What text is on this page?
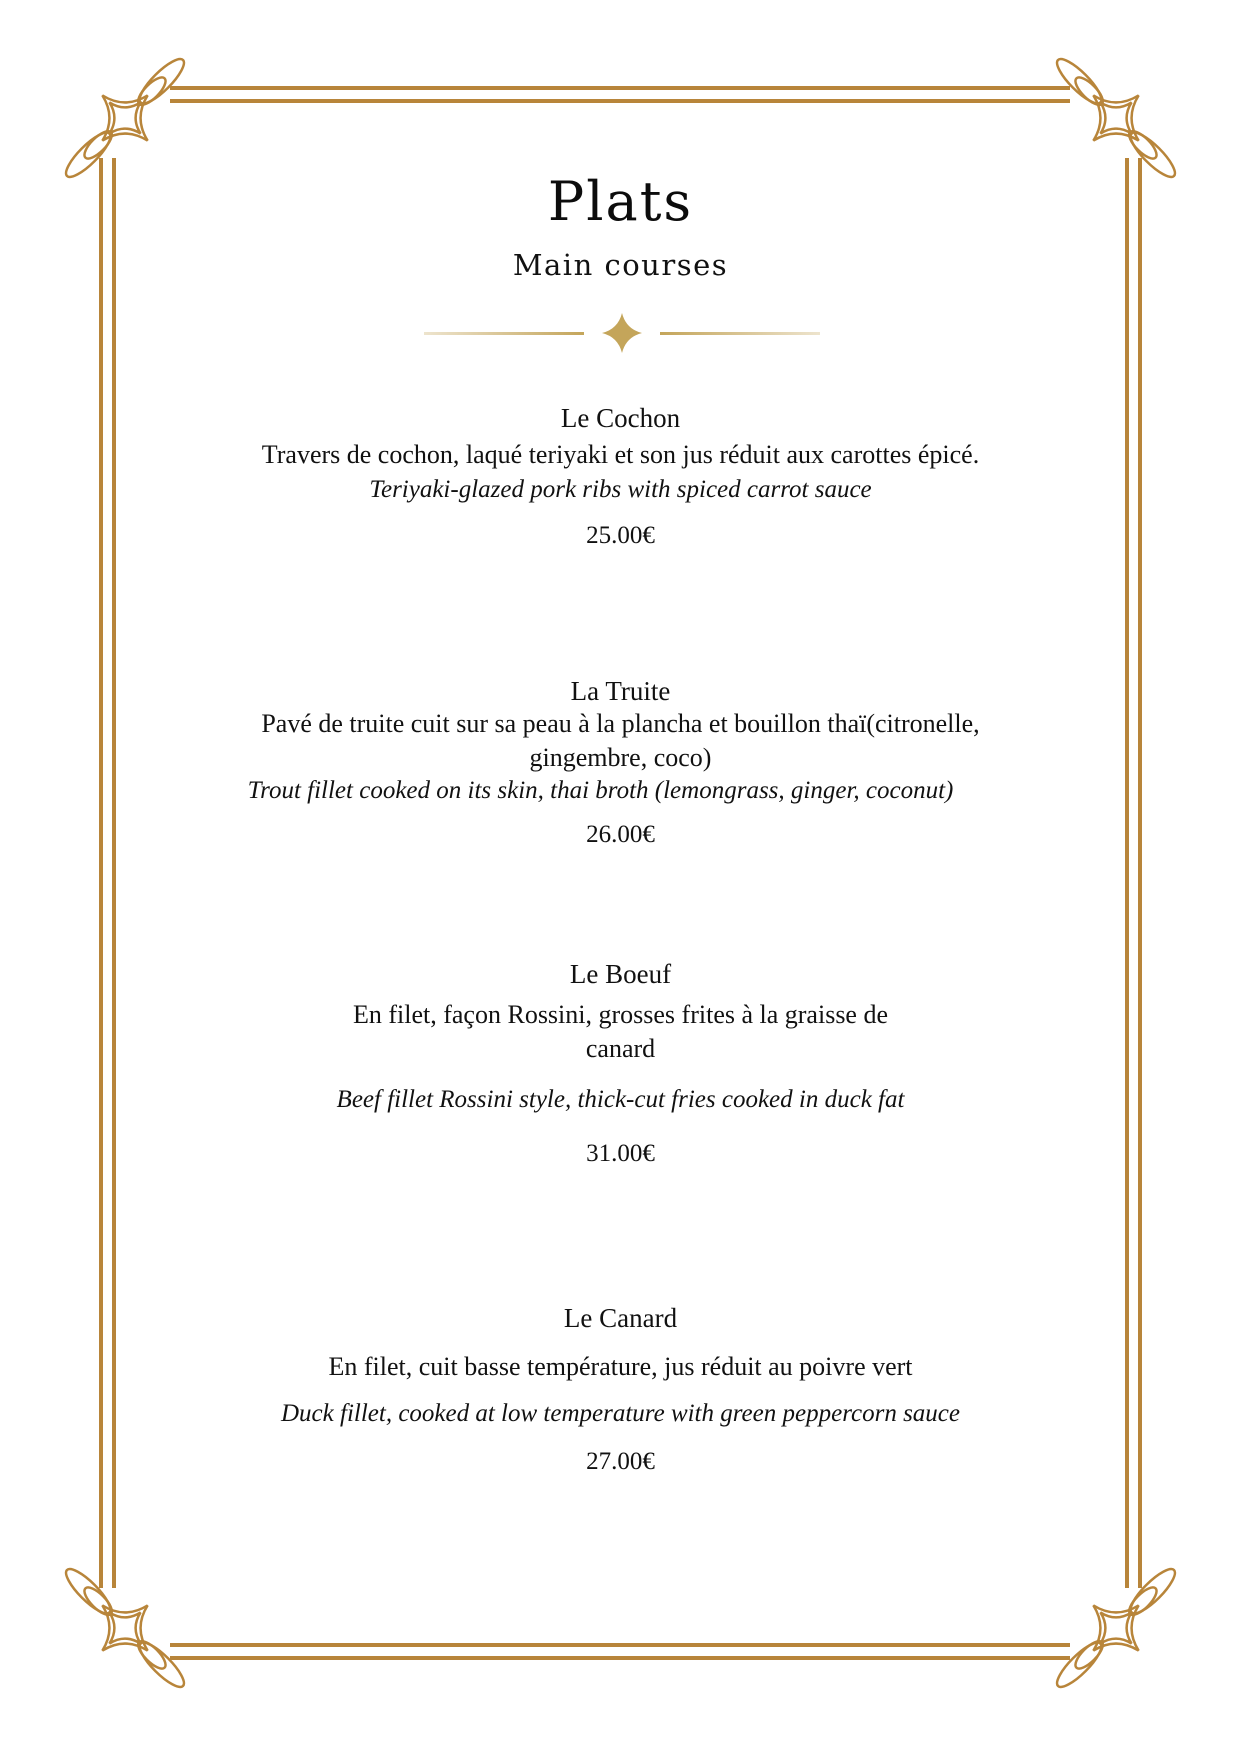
Plats
Main courses
Le Cochon
Travers de cochon, laqué teriyaki et son jus réduit aux carottes épicé.
Teriyaki-glazed pork ribs with spiced carrot sauce
25.00€
La Truite
Pavé de truite cuit sur sa peau à la plancha et bouillon thaï(citronelle,
gingembre, coco)
Trout fillet cooked on its skin, thai broth (lemongrass, ginger, coconut)
26.00€
Le Boeuf
En filet, façon Rossini, grosses frites à la graisse de
canard
Beef fillet Rossini style, thick-cut fries cooked in duck fat
31.00€
Le Canard
En filet, cuit basse température, jus réduit au poivre vert
Duck fillet, cooked at low temperature with green peppercorn sauce
27.00€
